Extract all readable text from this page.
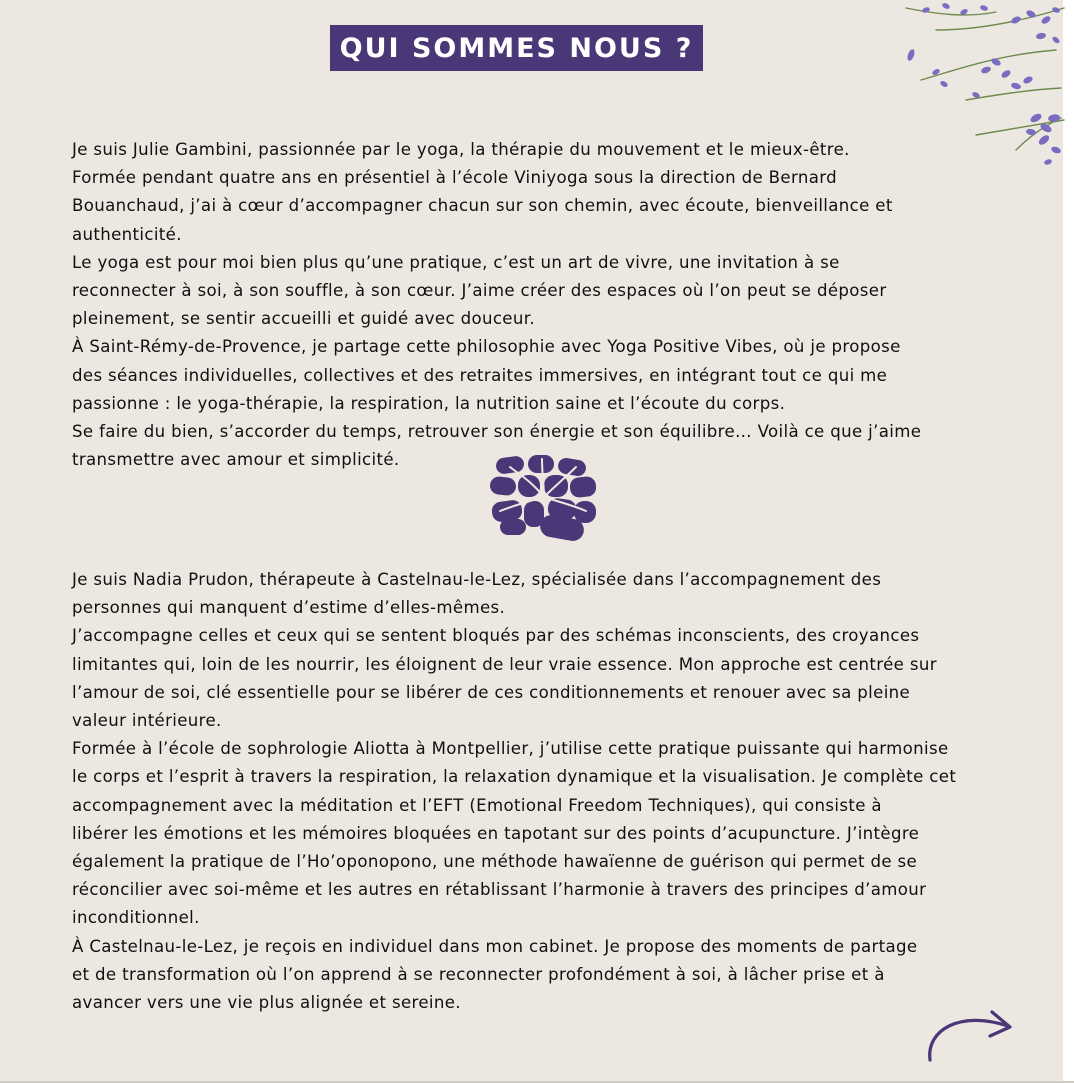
QUI SOMMES NOUS ?

Je suis Julie Gambini, passionnée par le yoga, la thérapie du mouvement et le mieux-être.

Formée pendant quatre ans en présentiel à l’école Viniyoga sous la direction de Bernard

Bouanchaud, j’ai à cœur d’accompagner chacun sur son chemin, avec écoute, bienveillance et

authenticité.

Le yoga est pour moi bien plus qu’une pratique, c’est un art de vivre, une invitation à se

reconnecter à soi, à son souffle, à son cœur. J’aime créer des espaces où l’on peut se déposer

pleinement, se sentir accueilli et guidé avec douceur.

À Saint-Rémy-de-Provence, je partage cette philosophie avec Yoga Positive Vibes, où je propose

des séances individuelles, collectives et des retraites immersives, en intégrant tout ce qui me

passionne : le yoga-thérapie, la respiration, la nutrition saine et l’écoute du corps.

Se faire du bien, s’accorder du temps, retrouver son énergie et son équilibre… Voilà ce que j’aime

transmettre avec amour et simplicité.

Je suis Nadia Prudon, thérapeute à Castelnau-le-Lez, spécialisée dans l’accompagnement des

personnes qui manquent d’estime d’elles-mêmes.

J’accompagne celles et ceux qui se sentent bloqués par des schémas inconscients, des croyances

limitantes qui, loin de les nourrir, les éloignent de leur vraie essence. Mon approche est centrée sur

l’amour de soi, clé essentielle pour se libérer de ces conditionnements et renouer avec sa pleine

valeur intérieure.

Formée à l’école de sophrologie Aliotta à Montpellier, j’utilise cette pratique puissante qui harmonise

le corps et l’esprit à travers la respiration, la relaxation dynamique et la visualisation. Je complète cet

accompagnement avec la méditation et l’EFT (Emotional Freedom Techniques), qui consiste à

libérer les émotions et les mémoires bloquées en tapotant sur des points d’acupuncture. J’intègre

également la pratique de l’Ho’oponopono, une méthode hawaïenne de guérison qui permet de se

réconcilier avec soi-même et les autres en rétablissant l’harmonie à travers des principes d’amour

inconditionnel.

À Castelnau-le-Lez, je reçois en individuel dans mon cabinet. Je propose des moments de partage

et de transformation où l’on apprend à se reconnecter profondément à soi, à lâcher prise et à

avancer vers une vie plus alignée et sereine.
